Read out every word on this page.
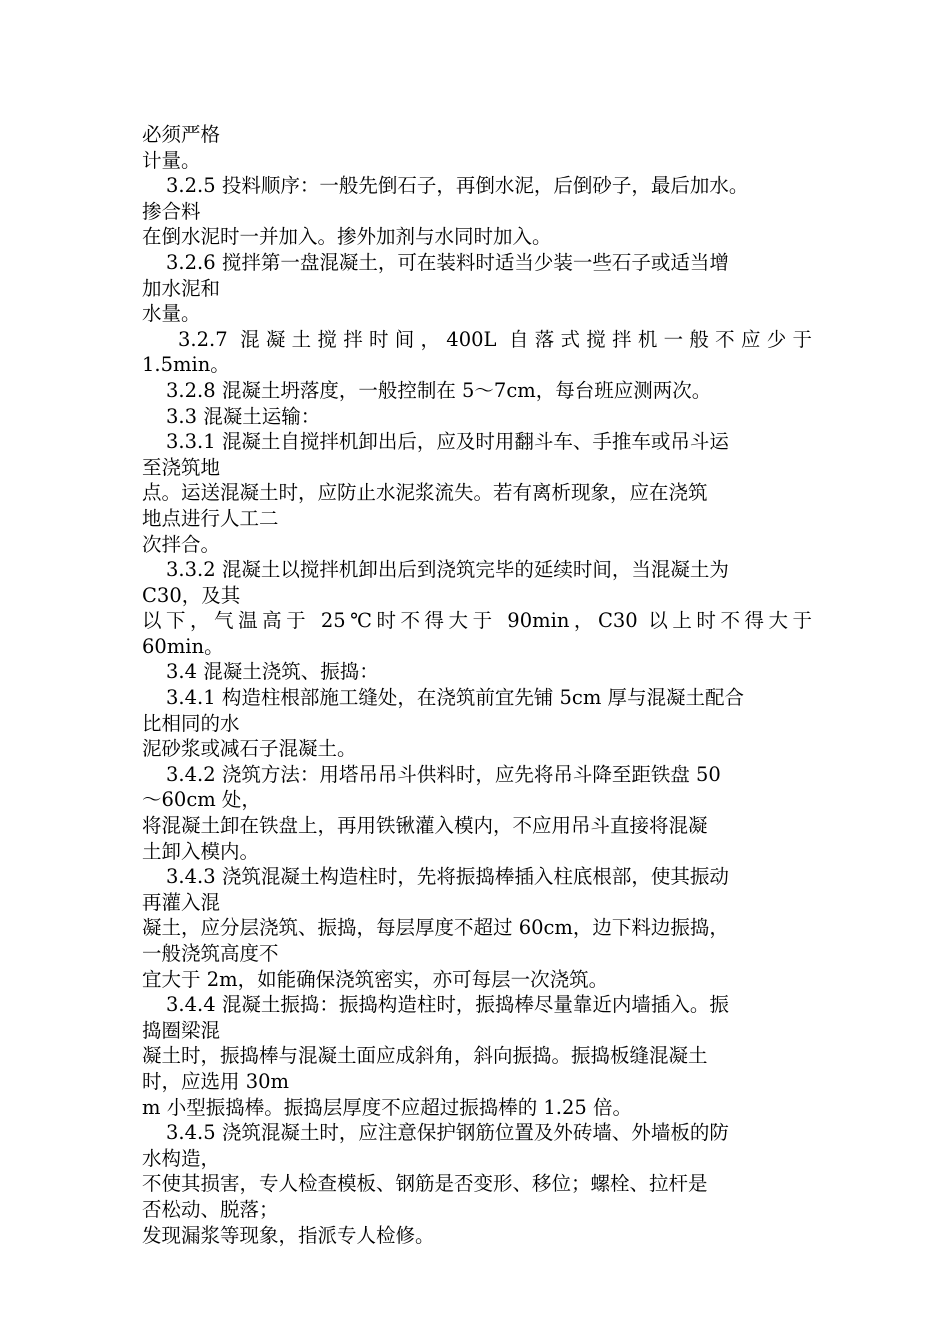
必须严格
计量。
3.2.5 投料顺序：一般先倒石子，再倒水泥，后倒砂子，最后加水。
掺合料
在倒水泥时一并加入。掺外加剂与水同时加入。
3.2.6 搅拌第一盘混凝土，可在装料时适当少装一些石子或适当增
加水泥和
水量。
3.2.7 混凝土搅拌时间，400L 自落式搅拌机一般不应少于
1.5min。
3.2.8 混凝土坍落度，一般控制在 5～7cm，每台班应测两次。
3.3 混凝土运输：
3.3.1 混凝土自搅拌机卸出后，应及时用翻斗车、手推车或吊斗运
至浇筑地
点。运送混凝土时，应防止水泥浆流失。若有离析现象，应在浇筑
地点进行人工二
次拌合。
3.3.2 混凝土以搅拌机卸出后到浇筑完毕的延续时间，当混凝土为
C30，及其
以下，气温高于 25℃时不得大于 90min，C30 以上时不得大于
60min。
3.4 混凝土浇筑、振捣：
3.4.1 构造柱根部施工缝处，在浇筑前宜先铺 5cm 厚与混凝土配合
比相同的水
泥砂浆或减石子混凝土。
3.4.2 浇筑方法：用塔吊吊斗供料时，应先将吊斗降至距铁盘 50
～60cm 处，
将混凝土卸在铁盘上，再用铁锹灌入模内，不应用吊斗直接将混凝
土卸入模内。
3.4.3 浇筑混凝土构造柱时，先将振捣棒插入柱底根部，使其振动
再灌入混
凝土，应分层浇筑、振捣，每层厚度不超过 60cm，边下料边振捣，
一般浇筑高度不
宜大于 2m，如能确保浇筑密实，亦可每层一次浇筑。
3.4.4 混凝土振捣：振捣构造柱时，振捣棒尽量靠近内墙插入。振
捣圈梁混
凝土时，振捣棒与混凝土面应成斜角，斜向振捣。振捣板缝混凝土
时，应选用 30m
m 小型振捣棒。振捣层厚度不应超过振捣棒的 1.25 倍。
3.4.5 浇筑混凝土时，应注意保护钢筋位置及外砖墙、外墙板的防
水构造，
不使其损害，专人检查模板、钢筋是否变形、移位；螺栓、拉杆是
否松动、脱落；
发现漏浆等现象，指派专人检修。
